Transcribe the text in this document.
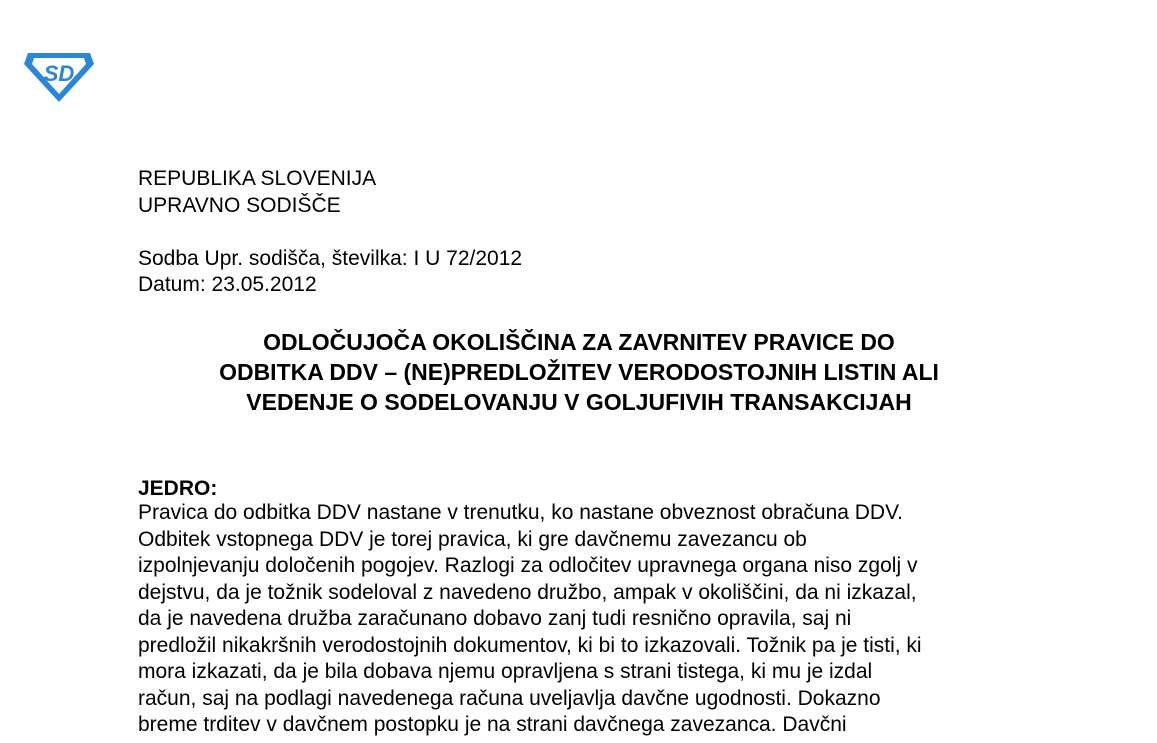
SD
REPUBLIKA SLOVENIJA
UPRAVNO SODIŠČE
Sodba Upr. sodišča, številka: I U 72/2012
Datum: 23.05.2012
ODLOČUJOČA OKOLIŠČINA ZA ZAVRNITEV PRAVICE DO
ODBITKA DDV – (NE)PREDLOŽITEV VERODOSTOJNIH LISTIN ALI
VEDENJE O SODELOVANJU V GOLJUFIVIH TRANSAKCIJAH
JEDRO:
Pravica do odbitka DDV nastane v trenutku, ko nastane obveznost obračuna DDV.
Odbitek vstopnega DDV je torej pravica, ki gre davčnemu zavezancu ob
izpolnjevanju določenih pogojev. Razlogi za odločitev upravnega organa niso zgolj v
dejstvu, da je tožnik sodeloval z navedeno družbo, ampak v okoliščini, da ni izkazal,
da je navedena družba zaračunano dobavo zanj tudi resnično opravila, saj ni
predložil nikakršnih verodostojnih dokumentov, ki bi to izkazovali. Tožnik pa je tisti, ki
mora izkazati, da je bila dobava njemu opravljena s strani tistega, ki mu je izdal
račun, saj na podlagi navedenega računa uveljavlja davčne ugodnosti. Dokazno
breme trditev v davčnem postopku je na strani davčnega zavezanca. Davčni
